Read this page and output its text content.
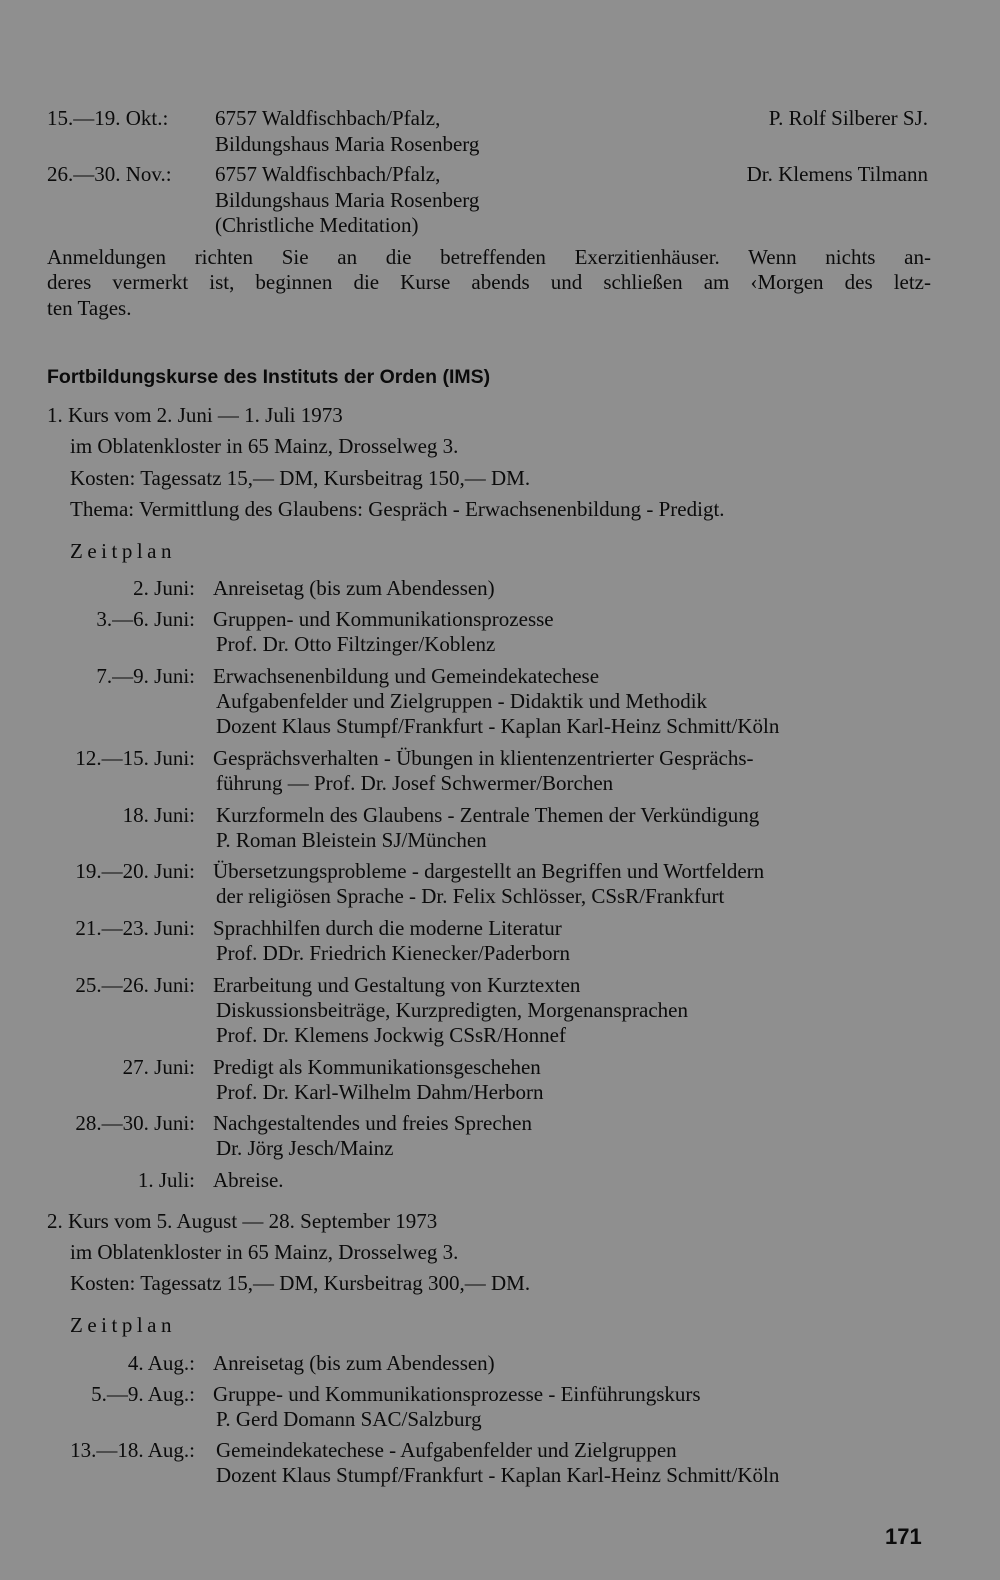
15.—19. Okt.: 6757 Waldfischbach/Pfalz,	P. Rolf Silberer SJ.
Bildungshaus Maria Rosenberg
26.—30. Nov.: 6757 Waldfischbach/Pfalz,	Dr. Klemens Tilmann
Bildungshaus Maria Rosenberg
(Christliche Meditation)
Anmeldungen richten Sie an die betreffenden Exerzitienhäuser. Wenn nichts an-
deres vermerkt ist, beginnen die Kurse abends und schließen am ‹Morgen des letz-
ten Tages.
Fortbildungskurse des Instituts der Orden (IMS)
1. Kurs vom 2. Juni — 1. Juli 1973
im Oblatenkloster in 65 Mainz, Drosselweg 3.
Kosten: Tagessatz 15,— DM, Kursbeitrag 150,— DM.
Thema: Vermittlung des Glaubens: Gespräch - Erwachsenenbildung - Predigt.
Zeitplan
2. Juni: Anreisetag (bis zum Abendessen)
3.—6. Juni: Gruppen- und Kommunikationsprozesse
Prof. Dr. Otto Filtzinger/Koblenz
7.—9. Juni: Erwachsenenbildung und Gemeindekatechese
Aufgabenfelder und Zielgruppen - Didaktik und Methodik
Dozent Klaus Stumpf/Frankfurt - Kaplan Karl-Heinz Schmitt/Köln
12.—15. Juni: Gesprächsverhalten - Übungen in klientenzentrierter Gesprächs-
führung — Prof. Dr. Josef Schwermer/Borchen
18. Juni: Kurzformeln des Glaubens - Zentrale Themen der Verkündigung
P. Roman Bleistein SJ/München
19.—20. Juni: Übersetzungsprobleme - dargestellt an Begriffen und Wortfeldern
der religiösen Sprache - Dr. Felix Schlösser, CSsR/Frankfurt
21.—23. Juni: Sprachhilfen durch die moderne Literatur
Prof. DDr. Friedrich Kienecker/Paderborn
25.—26. Juni: Erarbeitung und Gestaltung von Kurztexten
Diskussionsbeiträge, Kurzpredigten, Morgenansprachen
Prof. Dr. Klemens Jockwig CSsR/Honnef
27. Juni: Predigt als Kommunikationsgeschehen
Prof. Dr. Karl-Wilhelm Dahm/Herborn
28.—30. Juni: Nachgestaltendes und freies Sprechen
Dr. Jörg Jesch/Mainz
1. Juli: Abreise.
2. Kurs vom 5. August — 28. September 1973
im Oblatenkloster in 65 Mainz, Drosselweg 3.
Kosten: Tagessatz 15,— DM, Kursbeitrag 300,— DM.
Zeitplan
4. Aug.: Anreisetag (bis zum Abendessen)
5.—9. Aug.: Gruppe- und Kommunikationsprozesse - Einführungskurs
P. Gerd Domann SAC/Salzburg
13.—18. Aug.: Gemeindekatechese - Aufgabenfelder und Zielgruppen
Dozent Klaus Stumpf/Frankfurt - Kaplan Karl-Heinz Schmitt/Köln
171
